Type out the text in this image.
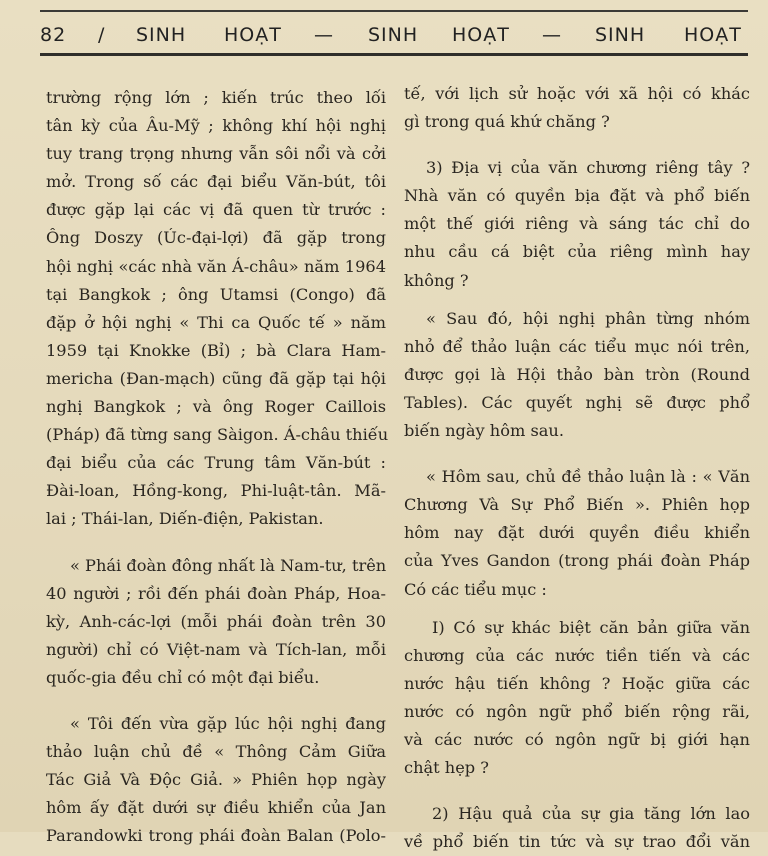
82 / SINH HOẠT — SINH HOẠT — SINH HOẠT
trường rộng lớn ; kiến trúc theo lối
tân kỳ của Âu-Mỹ ; không khí hội nghị
tuy trang trọng nhưng vẫn sôi nổi và cởi
mở. Trong số các đại biểu Văn-bút, tôi
được gặp lại các vị đã quen từ trước :
Ông Doszy (Úc-đại-lợi) đã gặp trong
hội nghị «các nhà văn Á-châu» năm 1964
tại Bangkok ; ông Utamsi (Congo) đã
đặp ở hội nghị « Thi ca Quốc tế » năm
1959 tại Knokke (Bỉ) ; bà Clara Ham-
mericha (Đan-mạch) cũng đã gặp tại hội
nghị Bangkok ; và ông Roger Caillois
(Pháp) đã từng sang Sàigon. Á-châu thiếu
đại biểu của các Trung tâm Văn-bút :
Đài-loan, Hồng-kong, Phi-luật-tân. Mã-
lai ; Thái-lan, Diến-điện, Pakistan.
« Phái đoàn đông nhất là Nam-tư, trên
40 người ; rồi đến phái đoàn Pháp, Hoa-
kỳ, Anh-các-lợi (mỗi phái đoàn trên 30
người) chỉ có Việt-nam và Tích-lan, mỗi
quốc-gia đều chỉ có một đại biểu.
« Tôi đến vừa gặp lúc hội nghị đang
thảo luận chủ đề « Thông Cảm Giữa
Tác Giả Và Độc Giả. » Phiên họp ngày
hôm ấy đặt dưới sự điều khiển của Jan
Parandowki trong phái đoàn Balan (Polo-
tế, với lịch sử hoặc với xã hội có khác
gì trong quá khứ chăng ?
3) Địa vị của văn chương riêng tây ?
Nhà văn có quyền bịa đặt và phổ biến
một thế giới riêng và sáng tác chỉ do
nhu cầu cá biệt của riêng mình hay
không ?
« Sau đó, hội nghị phân từng nhóm
nhỏ để thảo luận các tiểu mục nói trên,
được gọi là Hội thảo bàn tròn (Round
Tables). Các quyết nghị sẽ được phổ
biến ngày hôm sau.
« Hôm sau, chủ đề thảo luận là : « Văn
Chương Và Sự Phổ Biến ». Phiên họp
hôm nay đặt dưới quyền điều khiển
của Yves Gandon (trong phái đoàn Pháp
Có các tiểu mục :
I) Có sự khác biệt căn bản giữa văn
chương của các nước tiền tiến và các
nước hậu tiến không ? Hoặc giữa các
nước có ngôn ngữ phổ biến rộng rãi,
và các nước có ngôn ngữ bị giới hạn
chật hẹp ?
2) Hậu quả của sự gia tăng lớn lao
về phổ biến tin tức và sự trao đổi văn
